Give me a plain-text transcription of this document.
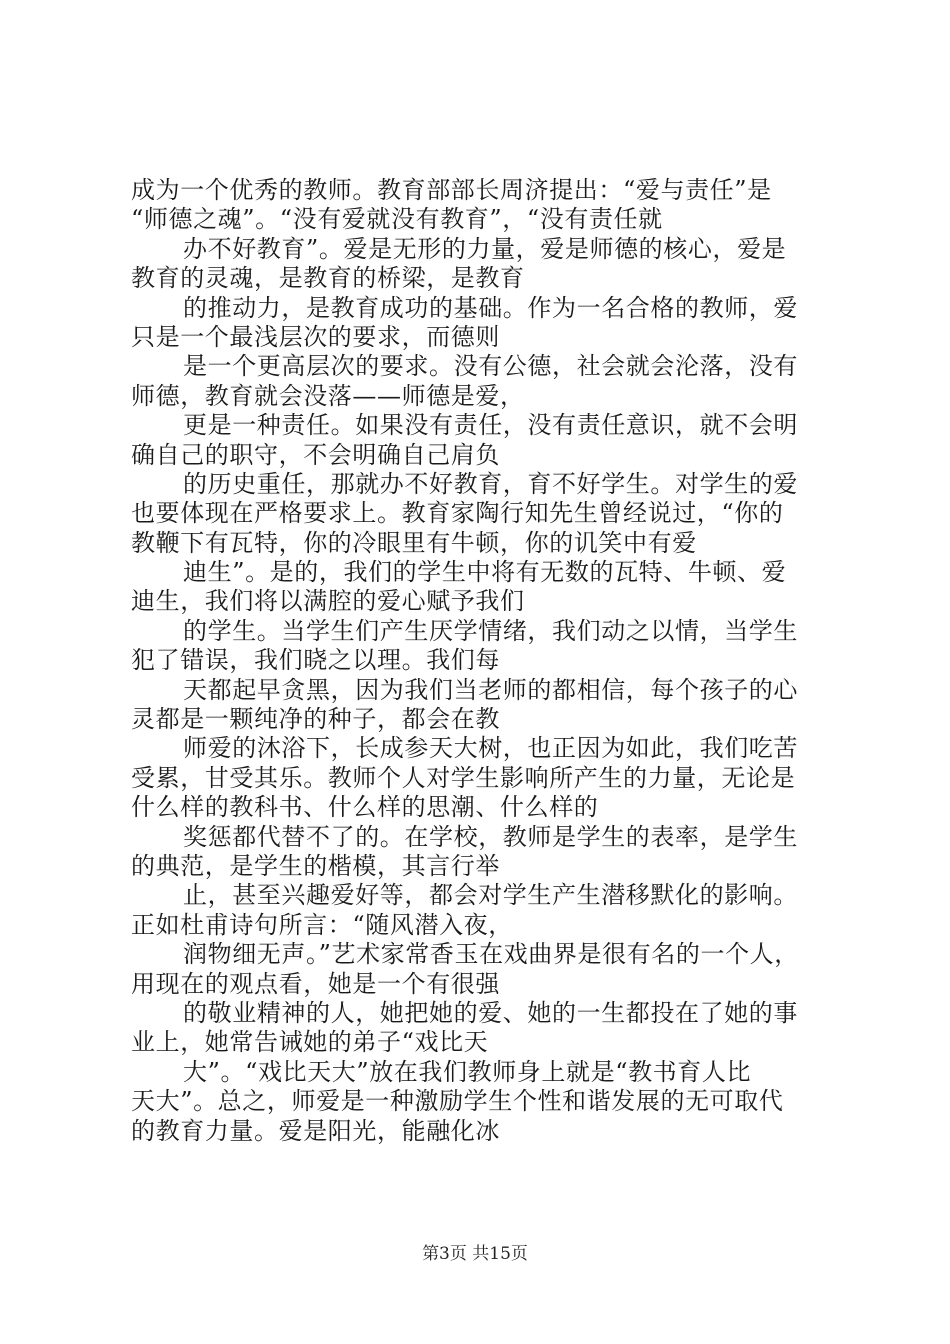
成为一个优秀的教师。教育部部长周济提出：“爱与责任”是
“师德之魂”。“没有爱就没有教育”，“没有责任就
办不好教育”。爱是无形的力量，爱是师德的核心，爱是
教育的灵魂，是教育的桥梁，是教育
的推动力，是教育成功的基础。作为一名合格的教师，爱
只是一个最浅层次的要求，而德则
是一个更高层次的要求。没有公德，社会就会沦落，没有
师德，教育就会没落——师德是爱，
更是一种责任。如果没有责任，没有责任意识，就不会明
确自己的职守，不会明确自己肩负
的历史重任，那就办不好教育，育不好学生。对学生的爱
也要体现在严格要求上。教育家陶行知先生曾经说过，“你的
教鞭下有瓦特，你的冷眼里有牛顿，你的讥笑中有爱
迪生”。是的，我们的学生中将有无数的瓦特、牛顿、爱
迪生，我们将以满腔的爱心赋予我们
的学生。当学生们产生厌学情绪，我们动之以情，当学生
犯了错误，我们晓之以理。我们每
天都起早贪黑，因为我们当老师的都相信，每个孩子的心
灵都是一颗纯净的种子，都会在教
师爱的沐浴下，长成参天大树，也正因为如此，我们吃苦
受累，甘受其乐。教师个人对学生影响所产生的力量，无论是
什么样的教科书、什么样的思潮、什么样的
奖惩都代替不了的。在学校，教师是学生的表率，是学生
的典范，是学生的楷模，其言行举
止，甚至兴趣爱好等，都会对学生产生潜移默化的影响。
正如杜甫诗句所言：“随风潜入夜，
润物细无声。”艺术家常香玉在戏曲界是很有名的一个人，
用现在的观点看，她是一个有很强
的敬业精神的人，她把她的爱、她的一生都投在了她的事
业上，她常告诫她的弟子“戏比天
大”。“戏比天大”放在我们教师身上就是“教书育人比
天大”。总之，师爱是一种激励学生个性和谐发展的无可取代
的教育力量。爱是阳光，能融化冰
第3页 共15页
